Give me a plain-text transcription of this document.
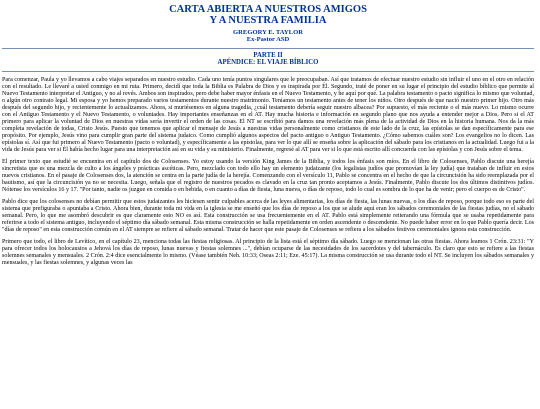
CARTA ABIERTA A NUESTROS AMIGOS
Y A NUESTRA FAMILIA
GREGORY E. TAYLOR
Ex-Pastor ASD
PARTE II
APÉNDICE: EL VIAJE BÍBLICO

Para comenzar, Paula y yo llevamos a cabo viajes separados en nuestro estudio. Cada uno tenía puntos singulares que le preocupaban. Así que tratamos de efectuar nuestro estudio sin influir el uno en el otro en relación con el resultado. Le llevaré a usted conmigo en mi ruta. Primero, decidí que toda la Biblia es Palabra de Dios y es inspirada por Él. Segundo, traté de poner en su lugar el principio del estudio bíblico que permite al Nuevo Testamento interpretar el Antiguo, y no al revés. Ambos son inspirados, pero debe haber mayor énfasis en el Nuevo Testamento, y he aquí por qué. La palabra testamento o pacto significa lo mismo que voluntad, o algún otro contrato legal. Mi esposa y yo hemos preparado varios testamentos durante nuestro matrimonio. Teníamos un testamento antes de tener los niños. Otro después de que nació nuestro primer hijo. Otro más después del segundo hijo, y recientemente lo actualizamos. Ahora, si muriésemos en alguna tragedia, ¿cuál testamento debería seguir nuestro albacea? Por supuesto, el más reciente o el más nuevo. Lo mismo ocurre con el Antiguo Testamento y el Nuevo Testamento, o voluntades. Hay importantes enseñanzas en el AT. Hay mucha historia e información en segundo plano que nos ayuda a entender mejor a Dios. Pero si el AT primero para aplicar la voluntad de Dios en nuestras vidas sería invertir el orden de las cosas. El NT se escribió para damos una revelación más plena de la actividad de Dios en la historia humana. Nos da la más completa revelación de todas, Cristo Jesús. Puesto que tenemos que aplicar el mensaje de Jesús a nuestras vidas personalmente como cristianos de este lado de la cruz, las epístolas se dan específicamente para ese propósito. Por ejemplo, Jesús vino para cumplir gran parte del sistema judaico. Como cumplió algunos aspectos del pacto antiguo o Antiguo Testamento. ¿Cómo sabemos cuáles son? Los evangelios no lo dicen. Las epístolas sí. Así que fui primero al Nuevo Testamento (pacto o voluntad), y específicamente a las epístolas, para ver lo que allí se enseña sobre la aplicación del sábado para los cristianos en la actualidad. Luego fui a la vida de Jesús para ver si Él había hecho lugar para una interpretación así en su vida y su ministerio. Finalmente, regresé al AT para ver si lo que está escrito allí concuerda con las epístolas y con Jesús sobre el tema.

El primer texto que estudié se encuentra en el capítulo dos de Colosenses. Yo estoy usando la versión King James de la Biblia, y todos los énfasis son míos. En el libro de Colosenses, Pablo discute una herejía sincretista que es una mezcla de culto a los ángeles y prácticas ascéticas. Pero, mezclado con todo ello hay un elemento judaizante (los legalistas judíos que promovían la ley judía) que trataban de influir en estos nuevos cristianos. En el pasaje de Colosenses dos, la atención se centra en la parte judía de la herejía. Comenzando con el versículo 11, Pablo se concentra en el hecho de que la circuncisión ha sido reemplazada por el bautismo, así que la circuncisión ya no se necesita. Luego, señala que el registro de nuestros pecados es clavado en la cruz tan pronto aceptamos a Jesús. Finalmente, Pablo discute los dos últimos distintivos judíos. Nótense los versículos 16 y 17. "Por tanto, nadie os juzgue en comida o en bebida, o en cuanto a días de fiesta, luna nueva, o días de reposo, todo lo cual es sombra de lo que ha de venir; pero el cuerpo es de Cristo".

Pablo dice que los colosenses no debían permitir que estos judaizantes les hiciesen sentir culpables acerca de las leyes alimentarias, los días de fiesta, las lunas nuevas, o los días de reposo, porque todo eso es parte del sistema que prefiguraba o apuntaba a Cristo. Ahora bien, durante toda mi vida en la iglesia se me enseñó que los días de reposo a los que se alude aquí eran los sábados ceremoniales de las fiestas judías, no el sábado semanal. Pero, lo que me asombró descubrir es que claramente esto NO es así. Esta construcción se usa frecuentemente en el AT. Pablo está simplemente reiterando una fórmula que se usaba repetidamente para referirse a todo el sistema antiguo, incluyendo el séptimo día sábado semanal. Esta misma construcción se halla repetidamente en orden ascendente o descendente. No puede haber error en lo que Pablo quería decir. Los "días de reposo" en esta construcción común en el AT siempre se refiere al sábado semanal. Tratar de hacer que este pasaje de Colosenses se refiera a los sábados festivos ceremoniales ignora esta construcción.

Primero que todo, el libro de Levítico, en el capítulo 23, menciona todas las fiestas religiosas. Al principio de la lista está el séptimo día sábado. Luego se mencionan las otras fiestas. Ahora leamos 1 Crón. 23:31: "Y para ofrecer todos los holocaustos a Jehová los días de reposo, lunas nuevas y fiestas solemnes ...", debían ocuparse de las necesidades de los sacerdotes y del tabernáculo. Es claro que esto se refiere a las fiestas solemnes semanales y mensuales. 2 Crón. 2:4 dice esencialmente lo mismo. (Véase también Neh. 10:33; Oseas 2:11; Eze. 45:17). La misma construcción se usa durante todo el NT. Se incluyen los sábados semanales y mensuales, y las fiestas solemnes, y algunas veces las
